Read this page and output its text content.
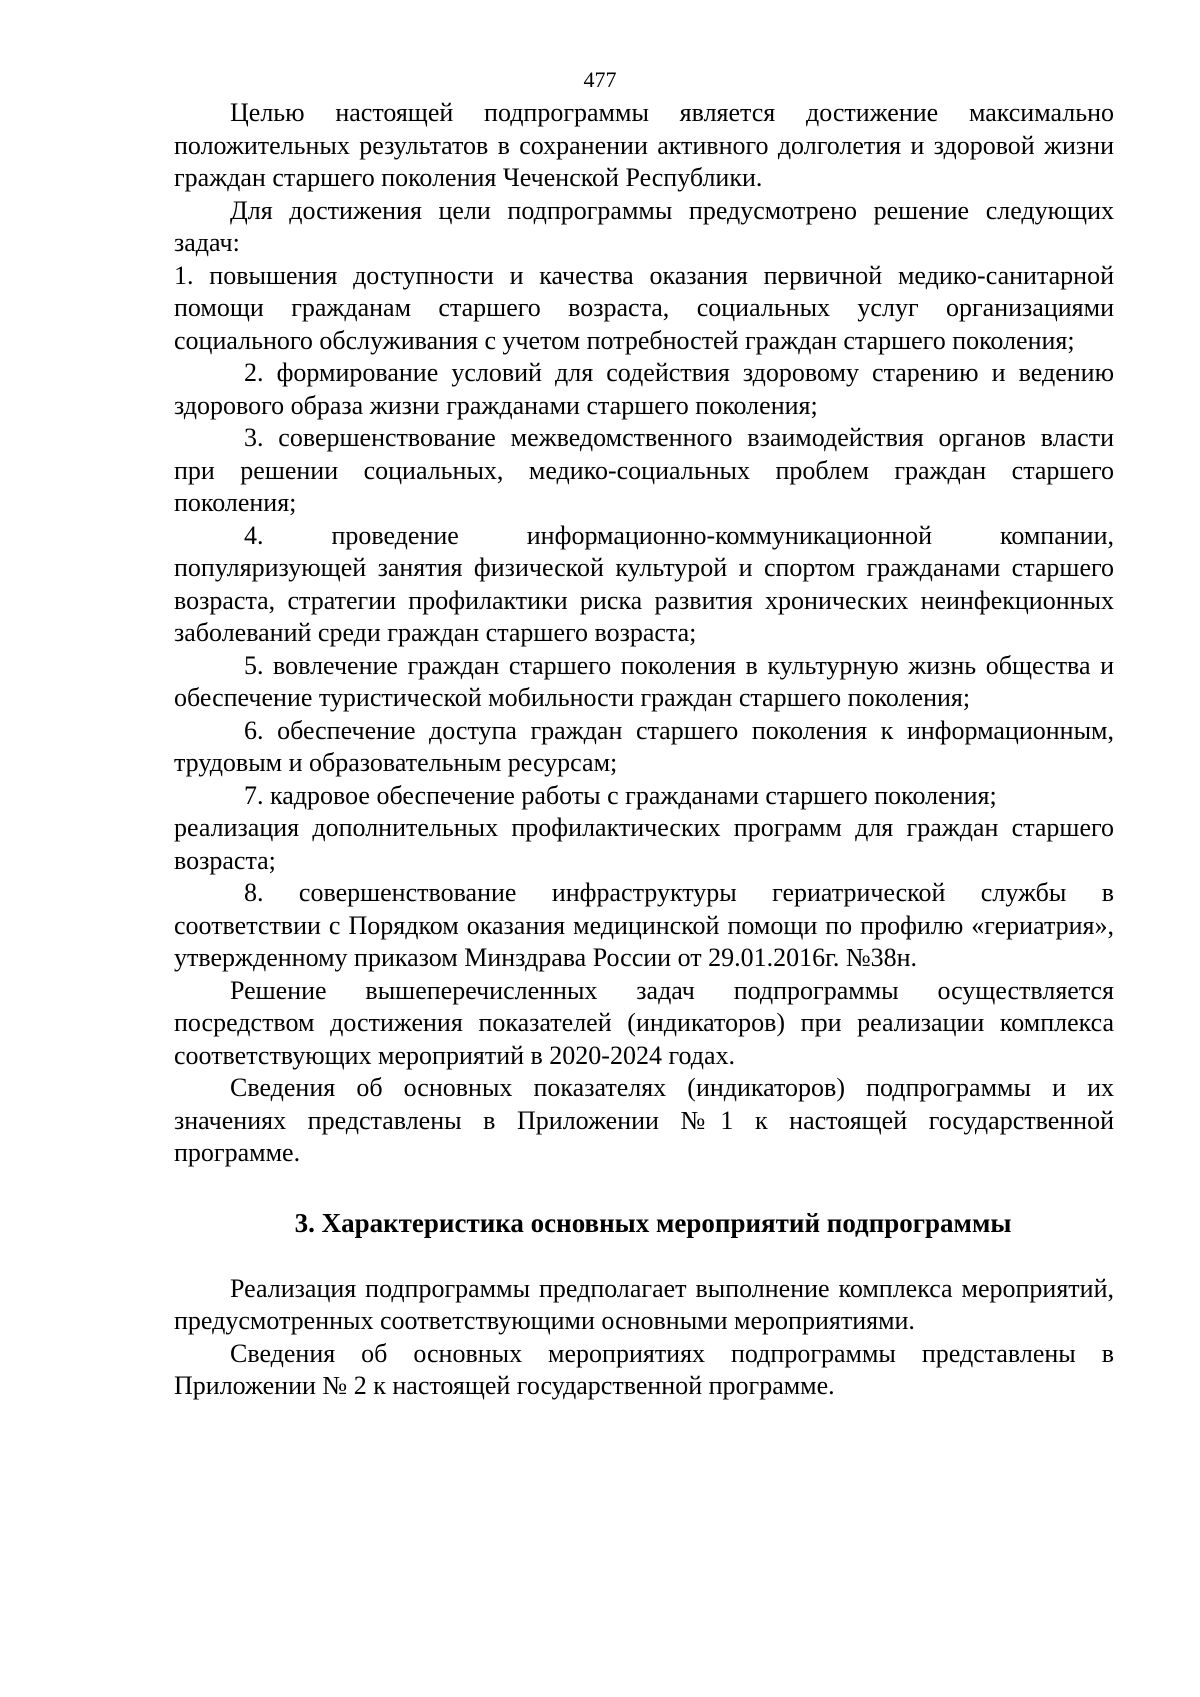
477

Целью настоящей подпрограммы является достижение максимально положительных результатов в сохранении активного долголетия и здоровой жизни граждан старшего поколения Чеченской Республики.

Для достижения цели подпрограммы предусмотрено решение следующих задач:

1. повышения доступности и качества оказания первичной медико-санитарной помощи гражданам старшего возраста, социальных услуг организациями социального обслуживания с учетом потребностей граждан старшего поколения;

2. формирование условий для содействия здоровому старению и ведению здорового образа жизни гражданами старшего поколения;

3. совершенствование межведомственного взаимодействия органов власти при решении социальных, медико-социальных проблем граждан старшего поколения;

4. проведение информационно-коммуникационной компании, популяризующей занятия физической культурой и спортом гражданами старшего возраста, стратегии профилактики риска развития хронических неинфекционных заболеваний среди граждан старшего возраста;

5. вовлечение граждан старшего поколения в культурную жизнь общества и обеспечение туристической мобильности граждан старшего поколения;

6. обеспечение доступа граждан старшего поколения к информационным, трудовым и образовательным ресурсам;

7. кадровое обеспечение работы с гражданами старшего поколения;

реализация дополнительных профилактических программ для граждан старшего возраста;

8. совершенствование инфраструктуры гериатрической службы в соответствии с Порядком оказания медицинской помощи по профилю «гериатрия», утвержденному приказом Минздрава России от 29.01.2016г. №38н.

Решение вышеперечисленных задач подпрограммы осуществляется посредством достижения показателей (индикаторов) при реализации комплекса соответствующих мероприятий в 2020-2024 годах.

Сведения об основных показателях (индикаторов) подпрограммы и их значениях представлены в Приложении №1 к настоящей государственной программе.

3. Характеристика основных мероприятий подпрограммы

Реализация подпрограммы предполагает выполнение комплекса мероприятий, предусмотренных соответствующими основными мероприятиями.

Сведения об основных мероприятиях подпрограммы представлены в Приложении № 2 к настоящей государственной программе.
